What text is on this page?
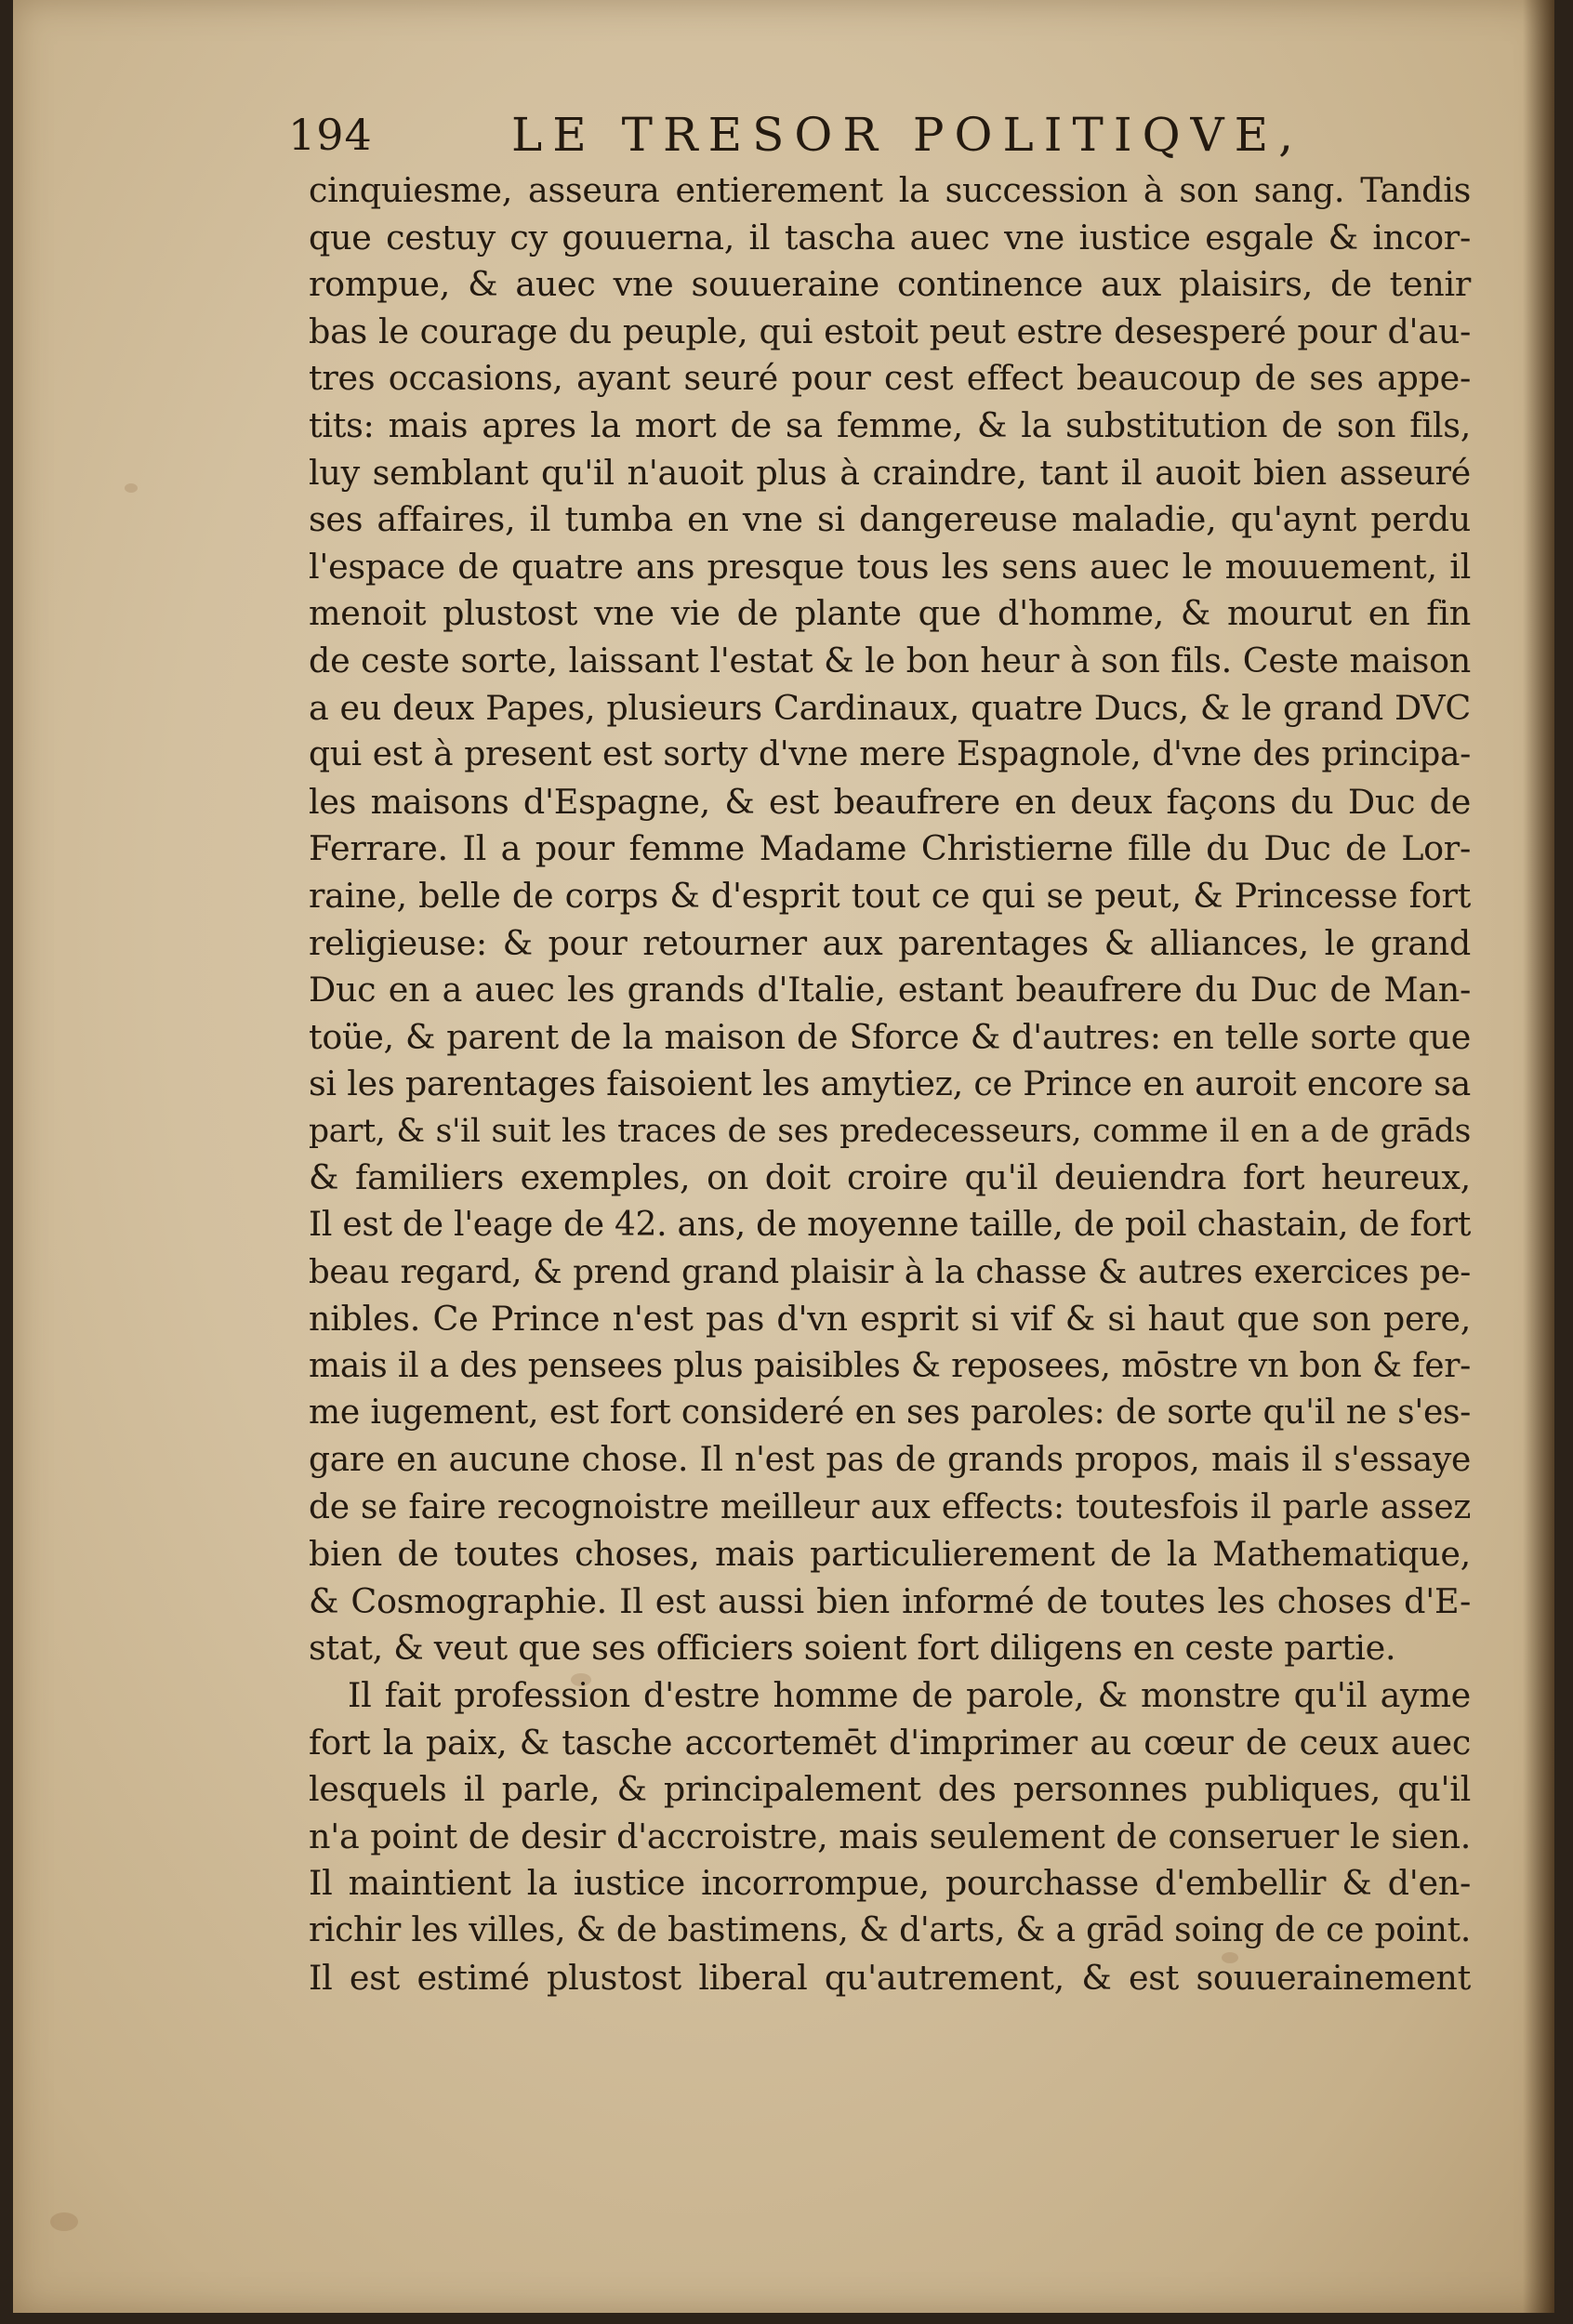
194	LE TRESOR POLITIQVE,
cinquiesme, asseura entierement la succession à son sang. Tandis
que cestuy cy gouuerna, il tascha auec vne iustice esgale & incor-
rompue, & auec vne souueraine continence aux plaisirs, de tenir
bas le courage du peuple, qui estoit peut estre desesperé pour d'au-
tres occasions, ayant seuré pour cest effect beaucoup de ses appe-
tits: mais apres la mort de sa femme, & la substitution de son fils,
luy semblant qu'il n'auoit plus à craindre, tant il auoit bien asseuré
ses affaires, il tumba en vne si dangereuse maladie, qu'aynt perdu
l'espace de quatre ans presque tous les sens auec le mouuement, il
menoit plustost vne vie de plante que d'homme, & mourut en fin
de ceste sorte, laissant l'estat & le bon heur à son fils. Ceste maison
a eu deux Papes, plusieurs Cardinaux, quatre Ducs, & le grand DVC
qui est à present est sorty d'vne mere Espagnole, d'vne des principa-
les maisons d'Espagne, & est beaufrere en deux façons du Duc de
Ferrare. Il a pour femme Madame Christierne fille du Duc de Lor-
raine, belle de corps & d'esprit tout ce qui se peut, & Princesse fort
religieuse: & pour retourner aux parentages & alliances, le grand
Duc en a auec les grands d'Italie, estant beaufrere du Duc de Man-
toüe, & parent de la maison de Sforce & d'autres: en telle sorte que
si les parentages faisoient les amytiez, ce Prince en auroit encore sa
part, & s'il suit les traces de ses predecesseurs, comme il en a de grāds
& familiers exemples, on doit croire qu'il deuiendra fort heureux,
Il est de l'eage de 42. ans, de moyenne taille, de poil chastain, de fort
beau regard, & prend grand plaisir à la chasse & autres exercices pe-
nibles. Ce Prince n'est pas d'vn esprit si vif & si haut que son pere,
mais il a des pensees plus paisibles & reposees, mōstre vn bon & fer-
me iugement, est fort consideré en ses paroles: de sorte qu'il ne s'es-
gare en aucune chose. Il n'est pas de grands propos, mais il s'essaye
de se faire recognoistre meilleur aux effects: toutesfois il parle assez
bien de toutes choses, mais particulierement de la Mathematique,
& Cosmographie. Il est aussi bien informé de toutes les choses d'E-
stat, & veut que ses officiers soient fort diligens en ceste partie.
Il fait profession d'estre homme de parole, & monstre qu'il ayme
fort la paix, & tasche accortemēt d'imprimer au cœur de ceux auec
lesquels il parle, & principalement des personnes publiques, qu'il
n'a point de desir d'accroistre, mais seulement de conseruer le sien.
Il maintient la iustice incorrompue, pourchasse d'embellir & d'en-
richir les villes, & de bastimens, & d'arts, & a grād soing de ce point.
Il est estimé plustost liberal qu'autrement, & est souuerainement
